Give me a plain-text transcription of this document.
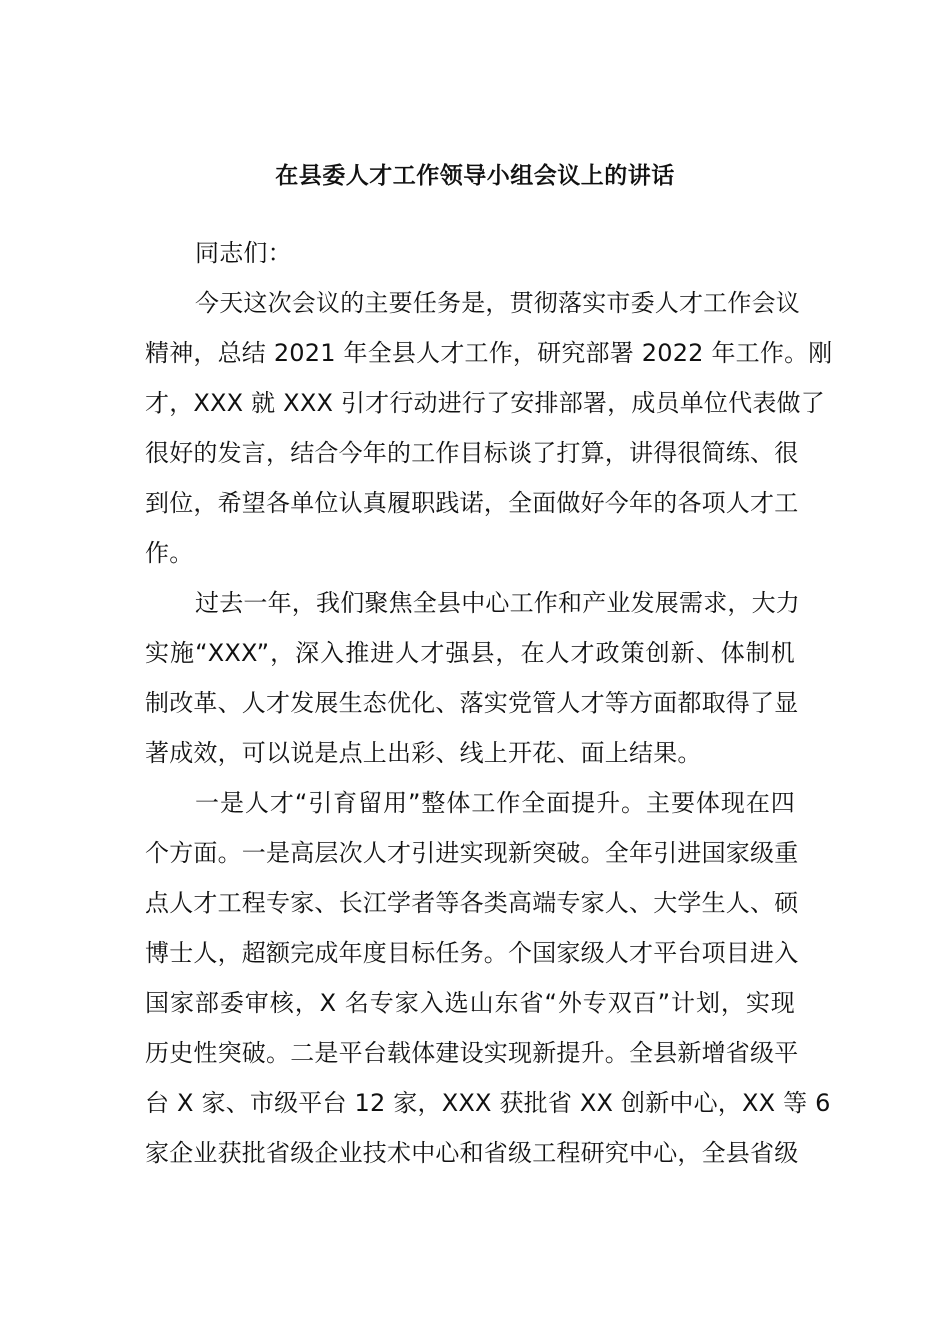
在县委人才工作领导小组会议上的讲话
同志们：
今天这次会议的主要任务是，贯彻落实市委人才工作会议
精神，总结 2021 年全县人才工作，研究部署 2022 年工作。刚
才，XXX 就 XXX 引才行动进行了安排部署，成员单位代表做了
很好的发言，结合今年的工作目标谈了打算，讲得很简练、很
到位，希望各单位认真履职践诺，全面做好今年的各项人才工
作。
过去一年，我们聚焦全县中心工作和产业发展需求，大力
实施“XXX”，深入推进人才强县，在人才政策创新、体制机
制改革、人才发展生态优化、落实党管人才等方面都取得了显
著成效，可以说是点上出彩、线上开花、面上结果。
一是人才“引育留用”整体工作全面提升。主要体现在四
个方面。一是高层次人才引进实现新突破。全年引进国家级重
点人才工程专家、长江学者等各类高端专家人、大学生人、硕
博士人，超额完成年度目标任务。个国家级人才平台项目进入
国家部委审核，X 名专家入选山东省“外专双百”计划，实现
历史性突破。二是平台载体建设实现新提升。全县新增省级平
台 X 家、市级平台 12 家，XXX 获批省 XX 创新中心，XX 等 6
家企业获批省级企业技术中心和省级工程研究中心，全县省级
